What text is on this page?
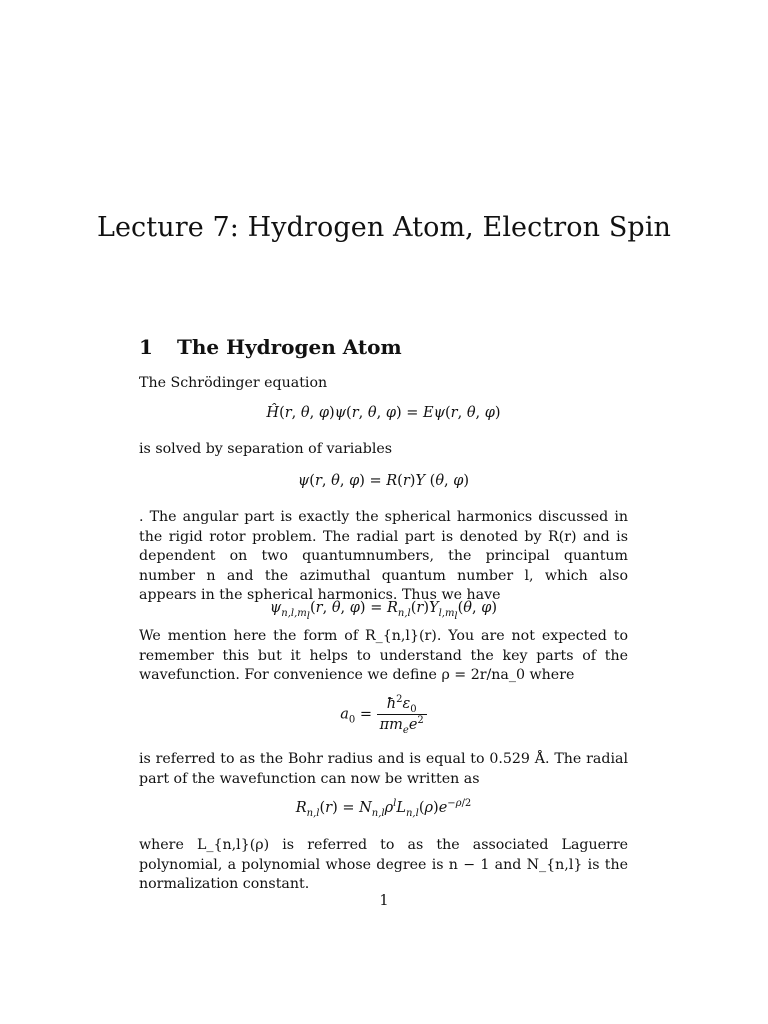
Lecture 7: Hydrogen Atom, Electron Spin
1 The Hydrogen Atom
The Schrödinger equation
Ĥ(r, θ, φ)ψ(r, θ, φ) = Eψ(r, θ, φ)
is solved by separation of variables
ψ(r, θ, φ) = R(r)Y (θ, φ)
. The angular part is exactly the spherical harmonics discussed in the rigid rotor problem. The radial part is denoted by R(r) and is dependent on two quantumnumbers, the principal quantum number n and the azimuthal quantum number l, which also appears in the spherical harmonics. Thus we have
$\psi_{n,l,m_l}(r$, θ, $\varphi) = R_{n,l}(r)Y_{l,m_l}(\theta$, φ)
We mention here the form of R_{n,l}(r). You are not expected to remember this but it helps to understand the key parts of the wavefunction. For convenience we define ρ = 2r/na_0 where
$a_0 = \frac{ħ^2\varepsilon_0}{\pi m_ee^2}$
is referred to as the Bohr radius and is equal to 0.529 Å. The radial part of the wavefunction can now be written as
$R_{n,l}(r) = N_{n,l}\rho^lL_{n,l}(\rho)e^{-\rho/2}$
where L_{n,l}(ρ) is referred to as the associated Laguerre polynomial, a polynomial whose degree is n − 1 and N_{n,l} is the normalization constant.
1
